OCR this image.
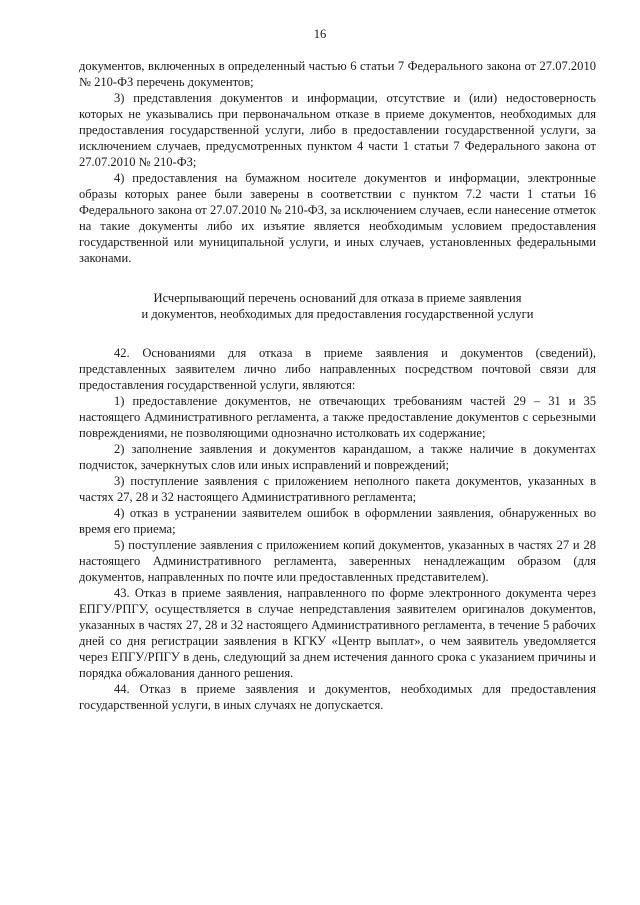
16

документов, включенных в определенный частью 6 статьи 7 Федерального закона от 27.07.2010 № 210-ФЗ перечень документов;

3) представления документов и информации, отсутствие и (или) недостоверность которых не указывались при первоначальном отказе в приеме документов, необходимых для предоставления государственной услуги, либо в предоставлении государственной услуги, за исключением случаев, предусмотренных пунктом 4 части 1 статьи 7 Федерального закона от 27.07.2010 № 210-ФЗ;

4) предоставления на бумажном носителе документов и информации, электронные образы которых ранее были заверены в соответствии с пунктом 7.2 части 1 статьи 16 Федерального закона от 27.07.2010 № 210-ФЗ, за исключением случаев, если нанесение отметок на такие документы либо их изъятие является необходимым условием предоставления государственной или муниципальной услуги, и иных случаев, установленных федеральными законами.

Исчерпывающий перечень оснований для отказа в приеме заявления
и документов, необходимых для предоставления государственной услуги

42. Основаниями для отказа в приеме заявления и документов (сведений), представленных заявителем лично либо направленных посредством почтовой связи для предоставления государственной услуги, являются:

1) предоставление документов, не отвечающих требованиям частей 29 – 31 и 35 настоящего Административного регламента, а также предоставление документов с серьезными повреждениями, не позволяющими однозначно истолковать их содержание;

2) заполнение заявления и документов карандашом, а также наличие в документах подчисток, зачеркнутых слов или иных исправлений и повреждений;

3) поступление заявления с приложением неполного пакета документов, указанных в частях 27, 28 и 32 настоящего Административного регламента;

4) отказ в устранении заявителем ошибок в оформлении заявления, обнаруженных во время его приема;

5) поступление заявления с приложением копий документов, указанных в частях 27 и 28 настоящего Административного регламента, заверенных ненадлежащим образом (для документов, направленных по почте или предоставленных представителем).

43. Отказ в приеме заявления, направленного по форме электронного документа через ЕПГУ/РПГУ, осуществляется в случае непредставления заявителем оригиналов документов, указанных в частях 27, 28 и 32 настоящего Административного регламента, в течение 5 рабочих дней со дня регистрации заявления в КГКУ «Центр выплат», о чем заявитель уведомляется через ЕПГУ/РПГУ в день, следующий за днем истечения данного срока с указанием причины и порядка обжалования данного решения.

44. Отказ в приеме заявления и документов, необходимых для предоставления государственной услуги, в иных случаях не допускается.
